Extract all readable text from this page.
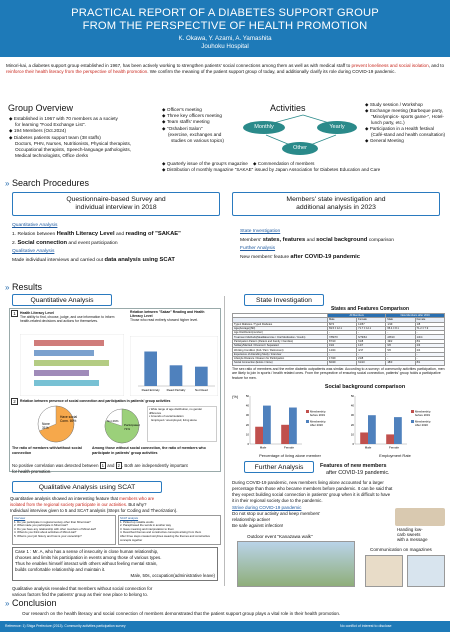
PRACTICAL REPORT OF A DIABETES SUPPORT GROUP
FROM THE PERSPECTIVE OF HEALTH PROMOTION
K. Okawa, Y. Azami, A. Yamashita
Jouhoku Hospital
Minori-kai, a diabetes support group established in 1967, has been actively working to strengthen patients' social connections among them as well as with medical staff to prevent loneliness and social isolation, and to reinforce their health literacy from the perspective of health promotion. We confirm the meaning of the patient support group of today, and additionally clarify its role during COVID-19 pandemic.
Group Overview
◆ Established in 1967 with 70 members as a society
for learning "Food Exchange List".
◆ 194 Members (Oct.2024)
◆ Diabetes patients support team (38 staffs)
Doctors, PHN, Nurses, Nutritionists, Physical therapists,
Occupational therapists, Speech-language pathologists,
Medical technologists, Office clerks
◆ Officer's meeting
◆ Three key officers meeting
◆ Team staffs' meeting
◆ "Oshaberi Salon"
(exercise, exchanges and
studies on various topics)
Activities
Monthly	Yearly
Other
◆ Study session / Workshop
◆ Exchange meeting (Barbeque party,
"Minolympics- sports game-", Hotel-
lunch party, etc.)
◆ Participation in a Health festival
(Café-stand and health consultation)
◆ General Meeting
◆ Quarterly issue of the group's magazine    ◆ Commendation of members
◆ Distribution of monthly magazine "SAKAE" issued by Japan Association for Diabetes Education and Care
» Search Procedures
Questionnaire-based Survey and
individual interview in 2018
Members' state investigation and
additional analysis in 2023
Quantitative Analysis
1. Relation between Health Literacy Level and reading of "SAKAE"
2. Social connection and event participation
Qualitative Analysis
Made individual interviews and carried out data analysis using SCAT
State Investigation
Members' states, features and social background comparison
Further Analysis
New members' feature after COVID-19 pandemic
» Results
Quantitative Analysis
1	Health Literacy Level
The ability to find, choose, judge, and use information to inform health-related decisions and actions for themselves.
Relation between "Sakae" Reading and Health Literacy Level
Those who read entirely showed higher level.
Read Entirely Read Partially	Not Read
2	Relation between presence of social connection and participation in patients' group activities
Have social
Conn. 69%
None
31%
Participated
71%
Not 29%
▪ Wide range of age distribution, no gender difference
▪ Grounds of social isolation
Employed / unemployed, living alone
The ratio of members with/without social connection
Among those without social connection, the ratio of members who participate in patients' group activities
No positive correlation was detected between 1 and 2 . Both are independently important
for health promotion.
Qualitative Analysis using SCAT
Quantitative analysis showed an interesting feature that members who are
isolated from the regional society participate in our activities. But why?
Individual interview given to 5 and SCAT analysis (Steps for Coding and Theorization).
Interview
1. Do you participate in regional society other than Minori-kai?
2. What made you participate in Minori-kai?
3. Do you have any relationship with other members of Minori-kai?
4. What do you think about activities of Minori-kai?
5. What is your job history and how is your ownership?
SCAT analysis
1. Picked up notable words
2. Paraphrased the words in another way
3. Gave meaning and interpretation to them
4. Described themes and constructive concepts arising from them
After three steps created storylines weaving the themes and constructive concepts together
Case 1 : Mr. A, who has a sense of insecurity in close human relationship,
chooses and limits his participation in events among those of various types.
Thus he enables himself interact with others without feeling mental strain,
builds comfortable relationship and maintain it.
Male, 50s, occupation(administrative leave)
Qualitative analysis revealed that members without social connection for
various factors find the patients' group as their new place to belong to.
State Investigation
States and Features Comparison
	All Members		New Members after 2019	
	Male	Female	Male	Female
Type1 Diabetes / Type2 Diabetes	8/74	12/57	1/19	1/8
Age(Average)(SD)	69.5 ± 12.1	71.7 ± 12.1	65.4 ± 8.1	71.2 ± 7.9
Age Distribution(number)	-	-	-	-
Treatment Methods(Meal&Exercise / Oral Medication / Insulin)	7/89/70	6/79/64	2/8/10	1/4/4
Participation Pattern (Patient and Family / Families)	87/10	61/8	19/2	8/1
Solitary/Married / Divorced / Separated	19/2	12/7	6/6	2/3
Working Condition (Full / Part / Retirement)	14/24	4/17	5/6	2/4
Experience of Attending Study / Interview	-	-	-	-
Lifestyle Distance / Reason for Participation	17/29	21/8	-	-
Social Connection (Exists / None)	82/29	61/10	18/3	8/1
The sex ratio of members and the entire diabetic outpatients was similar. According to a survey¹ of community activities participation, men are likely to join in sports / health related ones. From the perspective of ensuring social connection, patients' group holds a participative feature for men.
Social background comparison
(%)
0
10
20
30
40
50
Male	Female
Membership
before 2019
Membership
After 2020
0
10
20
30
40
50
Male	Female
Membership
before 2019
Membership
After 2020
Percentage of living alone member	Employment Rate
Further Analysis	Features of new members
after COVID-19 pandemic.
During COVID-19 pandemic, new members living alone accounted for a larger
percentage than those who became members before pandemic. It can be said that
they expect building social connection in patients' group when it is difficult to have
it in their regional society due to the pandemic.
Strive during COVID-19 pandemic
Do not stop our activity and keep members'
relationship active!
Be safe against infection!
Handing low-
carb sweets
with a message
Outdoor event "Kanazawa walk"
Communication on magazines
» Conclusion
Our research on the health literacy and social connection of members demonstrated that the patient support group plays a vital role in their health promotion.
Reference: 1) Shiga Prefecture (2013). Community activities participation survey	No conflict of interest to disclose
